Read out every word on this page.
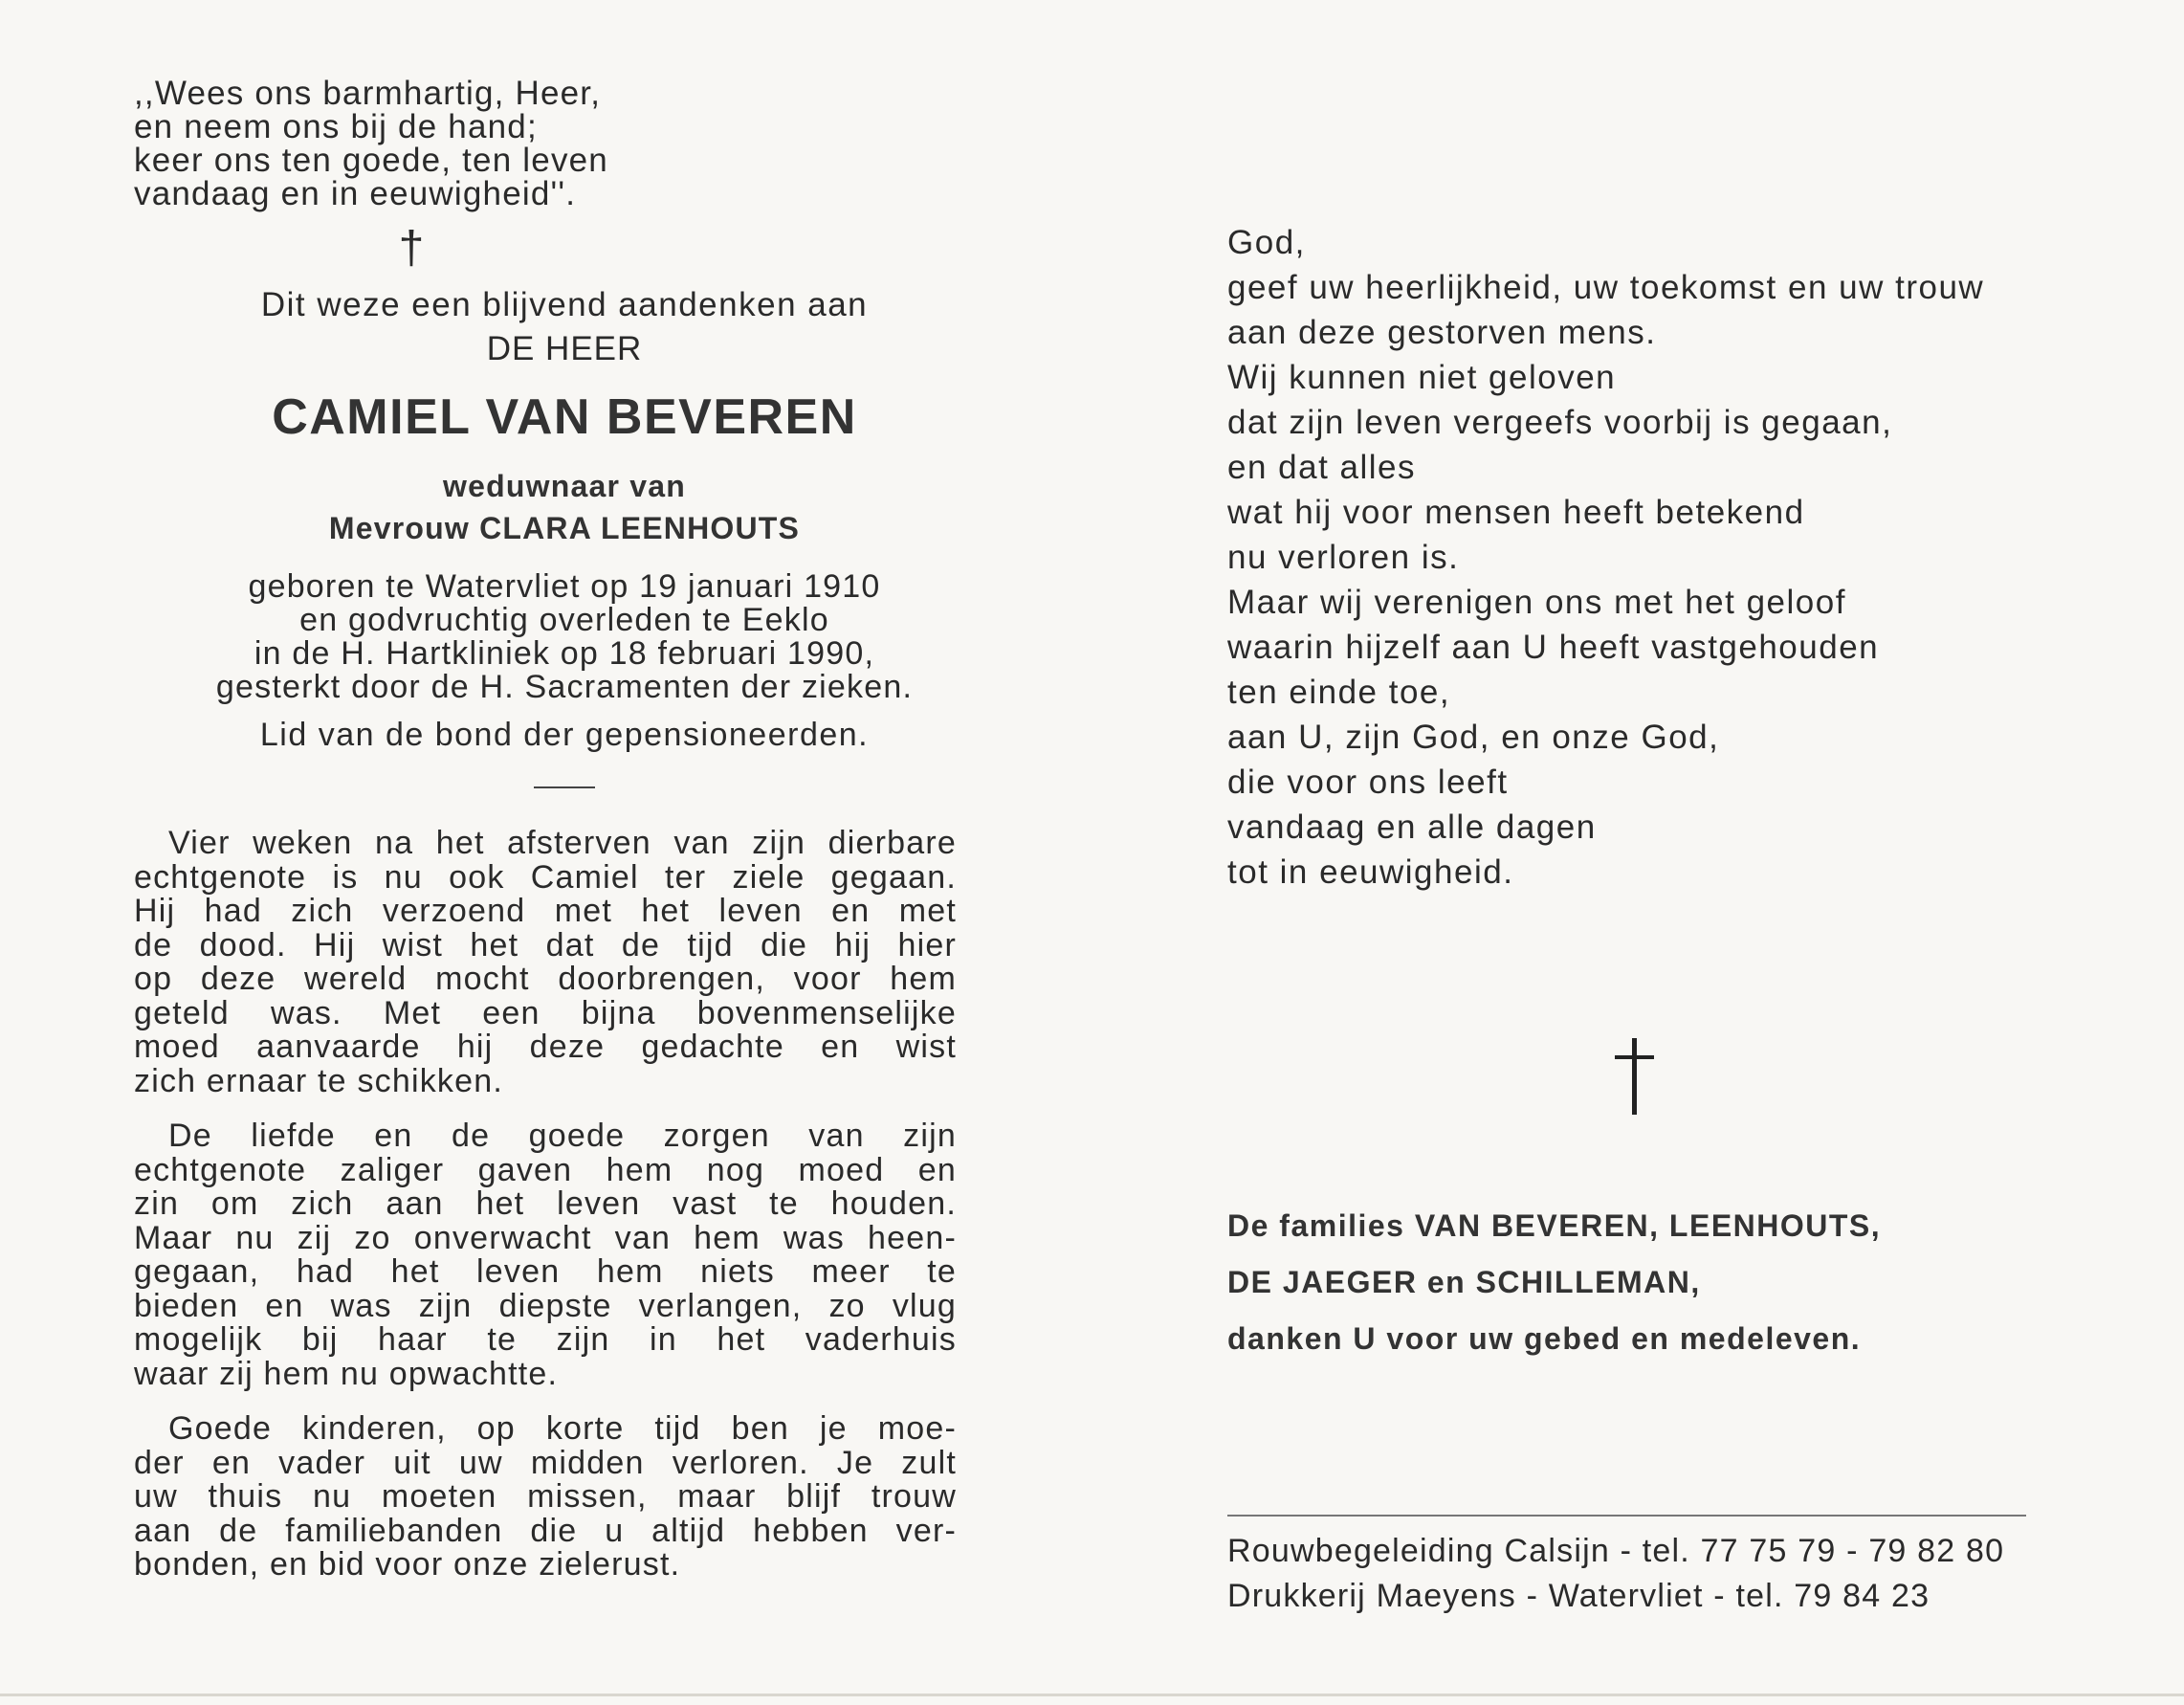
,,Wees ons barmhartig, Heer,
en neem ons bij de hand;
keer ons ten goede, ten leven
vandaag en in eeuwigheid''.
†
Dit weze een blijvend aandenken aan
DE HEER
CAMIEL VAN BEVEREN
weduwnaar van
Mevrouw CLARA LEENHOUTS
geboren te Watervliet op 19 januari 1910
en godvruchtig overleden te Eeklo
in de H. Hartkliniek op 18 februari 1990,
gesterkt door de H. Sacramenten der zieken.
Lid van de bond der gepensioneerden.
Vier weken na het afsterven van zijn dierbare
echtgenote is nu ook Camiel ter ziele gegaan.
Hij had zich verzoend met het leven en met
de dood. Hij wist het dat de tijd die hij hier
op deze wereld mocht doorbrengen, voor hem
geteld was. Met een bijna bovenmenselijke
moed aanvaarde hij deze gedachte en wist
zich ernaar te schikken.
De liefde en de goede zorgen van zijn
echtgenote zaliger gaven hem nog moed en
zin om zich aan het leven vast te houden.
Maar nu zij zo onverwacht van hem was heen-
gegaan, had het leven hem niets meer te
bieden en was zijn diepste verlangen, zo vlug
mogelijk bij haar te zijn in het vaderhuis
waar zij hem nu opwachtte.
Goede kinderen, op korte tijd ben je moe-
der en vader uit uw midden verloren. Je zult
uw thuis nu moeten missen, maar blijf trouw
aan de familiebanden die u altijd hebben ver-
bonden, en bid voor onze zielerust.
God,
geef uw heerlijkheid, uw toekomst en uw trouw
aan deze gestorven mens.
Wij kunnen niet geloven
dat zijn leven vergeefs voorbij is gegaan,
en dat alles
wat hij voor mensen heeft betekend
nu verloren is.
Maar wij verenigen ons met het geloof
waarin hijzelf aan U heeft vastgehouden
ten einde toe,
aan U, zijn God, en onze God,
die voor ons leeft
vandaag en alle dagen
tot in eeuwigheid.
De families VAN BEVEREN, LEENHOUTS,
DE JAEGER en SCHILLEMAN,
danken U voor uw gebed en medeleven.
Rouwbegeleiding Calsijn - tel. 77 75 79 - 79 82 80
Drukkerij Maeyens - Watervliet - tel. 79 84 23
